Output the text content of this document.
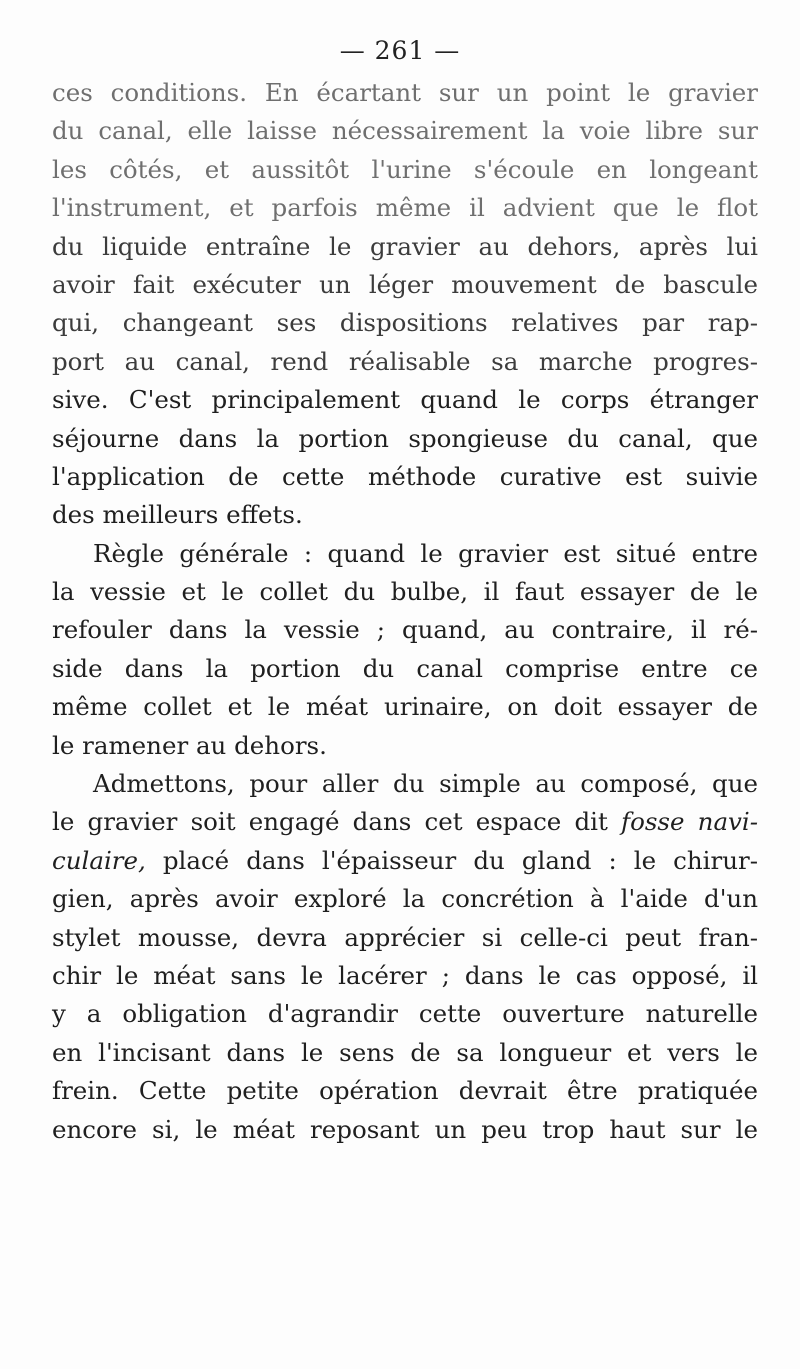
— 261 —
ces conditions. En écartant sur un point le gravier
du canal, elle laisse nécessairement la voie libre sur
les côtés, et aussitôt l'urine s'écoule en longeant
l'instrument, et parfois même il advient que le flot
du liquide entraîne le gravier au dehors, après lui
avoir fait exécuter un léger mouvement de bascule
qui, changeant ses dispositions relatives par rap-
port au canal, rend réalisable sa marche progres-
sive. C'est principalement quand le corps étranger
séjourne dans la portion spongieuse du canal, que
l'application de cette méthode curative est suivie
des meilleurs effets.
Règle générale : quand le gravier est situé entre
la vessie et le collet du bulbe, il faut essayer de le
refouler dans la vessie ; quand, au contraire, il ré-
side dans la portion du canal comprise entre ce
même collet et le méat urinaire, on doit essayer de
le ramener au dehors.
Admettons, pour aller du simple au composé, que
le gravier soit engagé dans cet espace dit fosse navi-
culaire, placé dans l'épaisseur du gland : le chirur-
gien, après avoir exploré la concrétion à l'aide d'un
stylet mousse, devra apprécier si celle-ci peut fran-
chir le méat sans le lacérer ; dans le cas opposé, il
y a obligation d'agrandir cette ouverture naturelle
en l'incisant dans le sens de sa longueur et vers le
frein. Cette petite opération devrait être pratiquée
encore si, le méat reposant un peu trop haut sur le
